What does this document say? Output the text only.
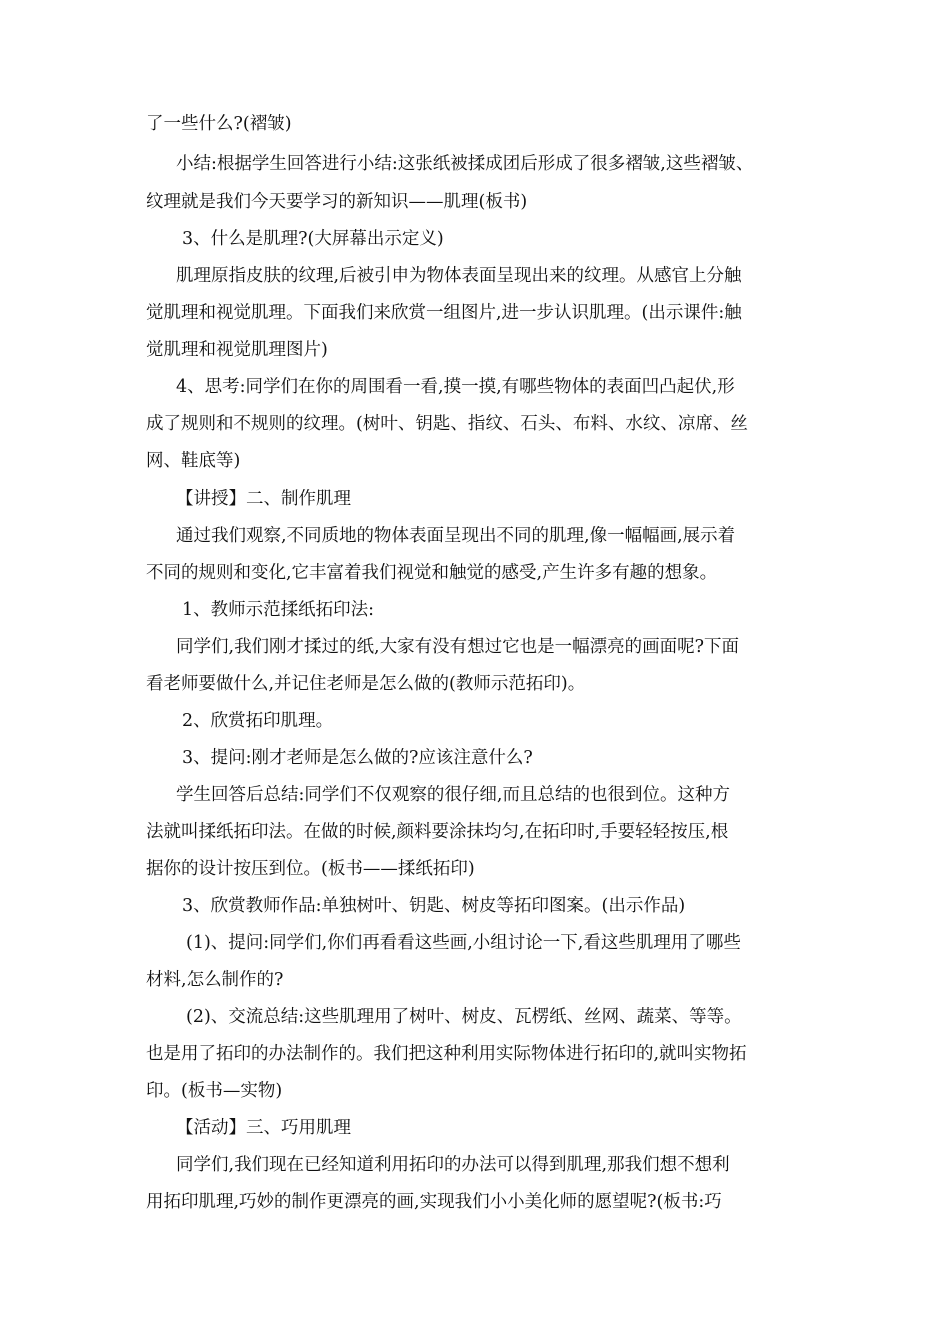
了一些什么?(褶皱)
小结:根据学生回答进行小结:这张纸被揉成团后形成了很多褶皱,这些褶皱、
纹理就是我们今天要学习的新知识——肌理(板书)
3、什么是肌理?(大屏幕出示定义)
肌理原指皮肤的纹理,后被引申为物体表面呈现出来的纹理。从感官上分触
觉肌理和视觉肌理。下面我们来欣赏一组图片,进一步认识肌理。(出示课件:触
觉肌理和视觉肌理图片)
4、思考:同学们在你的周围看一看,摸一摸,有哪些物体的表面凹凸起伏,形
成了规则和不规则的纹理。(树叶、钥匙、指纹、石头、布料、水纹、凉席、丝
网、鞋底等)
【讲授】二、制作肌理
通过我们观察,不同质地的物体表面呈现出不同的肌理,像一幅幅画,展示着
不同的规则和变化,它丰富着我们视觉和触觉的感受,产生许多有趣的想象。
1、教师示范揉纸拓印法:
同学们,我们刚才揉过的纸,大家有没有想过它也是一幅漂亮的画面呢?下面
看老师要做什么,并记住老师是怎么做的(教师示范拓印)。
2、欣赏拓印肌理。
3、提问:刚才老师是怎么做的?应该注意什么?
学生回答后总结:同学们不仅观察的很仔细,而且总结的也很到位。这种方
法就叫揉纸拓印法。在做的时候,颜料要涂抹均匀,在拓印时,手要轻轻按压,根
据你的设计按压到位。(板书——揉纸拓印)
3、欣赏教师作品:单独树叶、钥匙、树皮等拓印图案。(出示作品)
(1)、提问:同学们,你们再看看这些画,小组讨论一下,看这些肌理用了哪些
材料,怎么制作的?
(2)、交流总结:这些肌理用了树叶、树皮、瓦楞纸、丝网、蔬菜、等等。
也是用了拓印的办法制作的。我们把这种利用实际物体进行拓印的,就叫实物拓
印。(板书—实物)
【活动】三、巧用肌理
同学们,我们现在已经知道利用拓印的办法可以得到肌理,那我们想不想利
用拓印肌理,巧妙的制作更漂亮的画,实现我们小小美化师的愿望呢?(板书:巧
